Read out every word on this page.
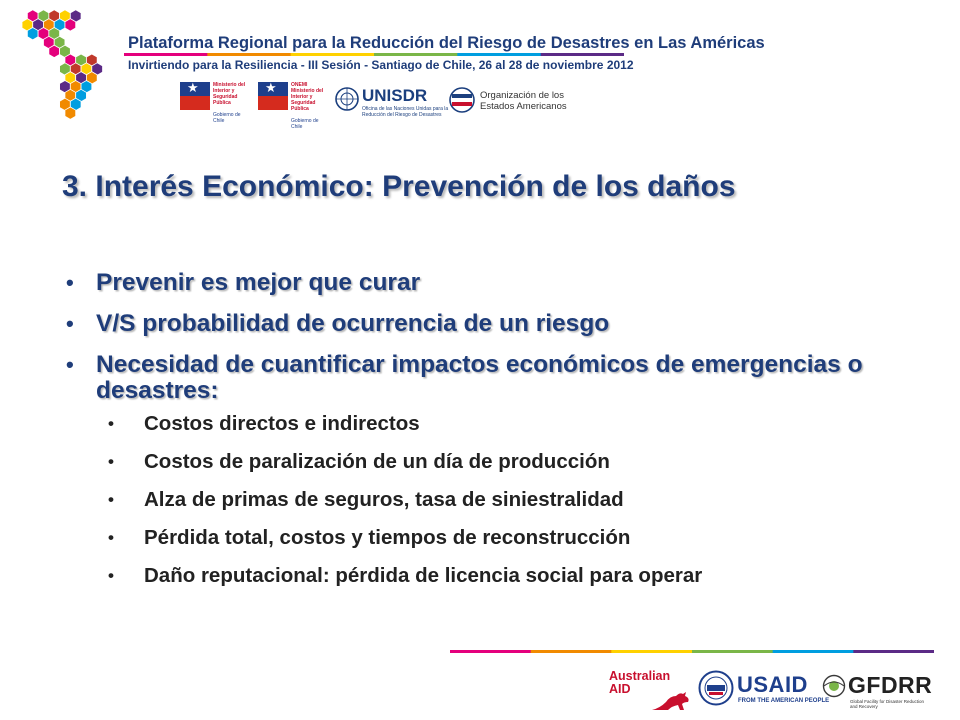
Plataforma Regional para la Reducción del Riesgo de Desastres en Las Américas
Invirtiendo para la Resiliencia - III Sesión - Santiago de Chile, 26 al 28 de noviembre 2012
★	Ministerio del Interior y Seguridad Pública
Gobierno de Chile
★	ONEMI Ministerio del Interior y Seguridad Pública
Gobierno de Chile
UNISDR
Oficina de las Naciones Unidas para la Reducción del Riesgo de Desastres
Organización de los Estados Americanos
3. Interés Económico: Prevención de los daños
• Prevenir es mejor que curar
• V/S probabilidad de ocurrencia de un riesgo
• Necesidad de cuantificar impactos económicos de emergencias o desastres:
• Costos directos e indirectos
• Costos de paralización de un día de producción
• Alza de primas de seguros, tasa de siniestralidad
• Pérdida total, costos y tiempos de reconstrucción
• Daño reputacional: pérdida de licencia social para operar
Australian AID	USAID
FROM THE AMERICAN PEOPLE
GFDRR
Global Facility for Disaster Reduction and Recovery
